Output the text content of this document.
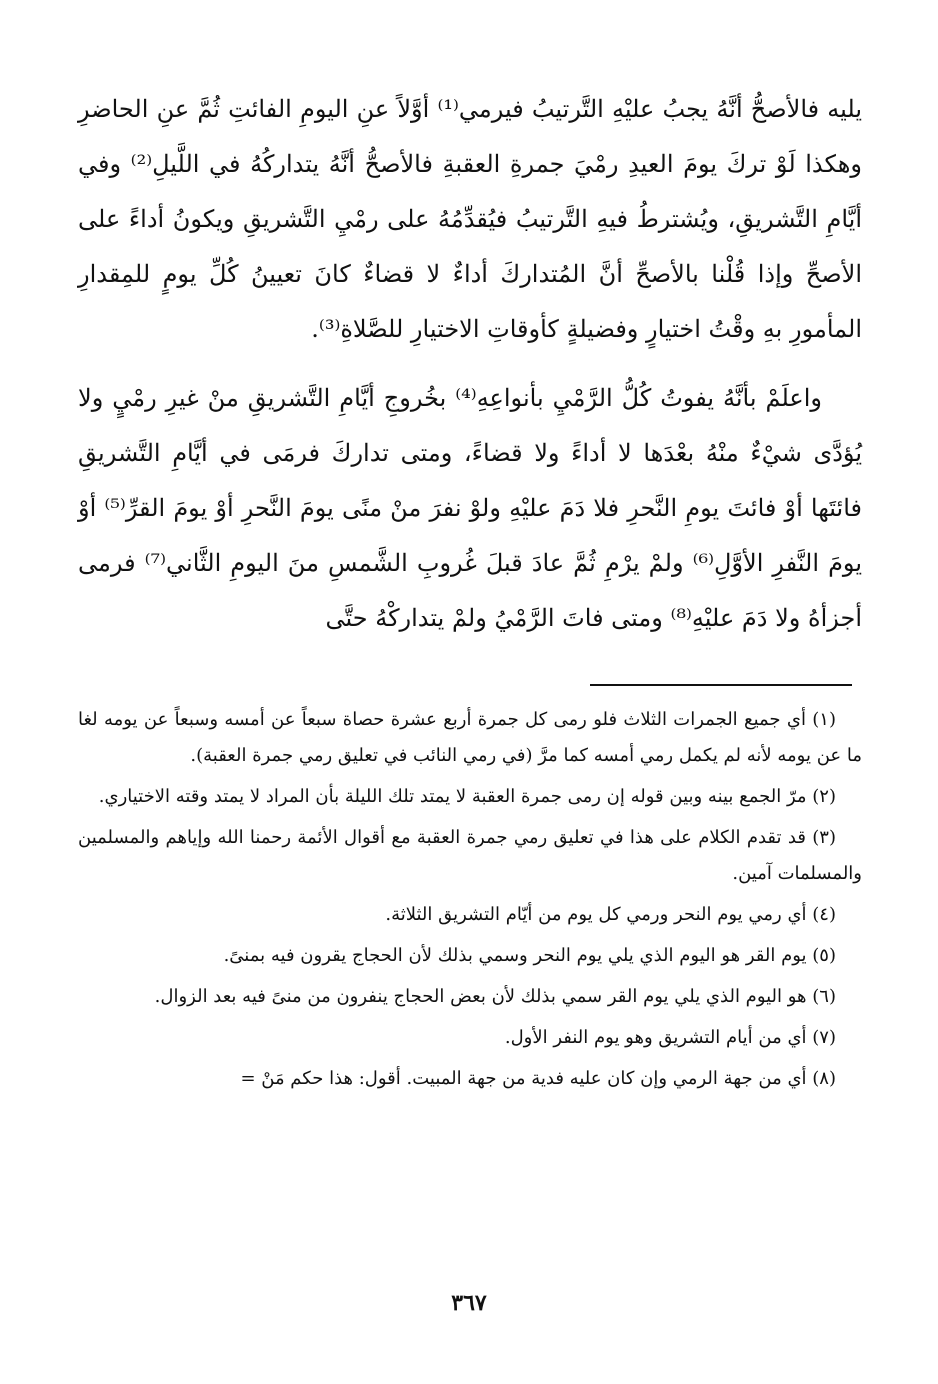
يليه فالأصحُّ أنَّهُ يجبُ عليْهِ التَّرتيبُ فيرمي⁽¹⁾ أوَّلاً عنِ اليومِ الفائتِ ثُمَّ عنِ الحاضرِ وهكذا لَوْ تركَ يومَ العيدِ رمْيَ جمرةِ العقبةِ فالأصحُّ أنَّهُ يتداركُهُ في اللَّيلِ⁽²⁾ وفي أيَّامِ التَّشريقِ، ويُشترطُ فيهِ التَّرتيبُ فيُقدِّمُهُ على رمْيِ التَّشريقِ ويكونُ أداءً على الأصحِّ وإذا قُلْنا بالأصحِّ أنَّ المُتداركَ أداءٌ لا قضاءٌ كانَ تعيينُ كُلِّ يومٍ للمِقدارِ المأمورِ بهِ وقْتُ اختيارٍ وفضيلةٍ كأوقاتِ الاختيارِ للصَّلاةِ⁽³⁾.

واعلَمْ بأنَّهُ يفوتُ كُلُّ الرَّمْيِ بأنواعِهِ⁽⁴⁾ بخُروجِ أيَّامِ التَّشريقِ منْ غيرِ رمْيٍ ولا يُؤدَّى شيْءٌ منْهُ بعْدَها لا أداءً ولا قضاءً، ومتى تداركَ فرمَى في أيَّامِ التَّشريقِ فائتَها أوْ فائتَ يومِ النَّحرِ فلا دَمَ عليْهِ ولوْ نفرَ منْ منًى يومَ النَّحرِ أوْ يومَ القرِّ⁽⁵⁾ أوْ يومَ النَّفرِ الأوَّلِ⁽⁶⁾ ولمْ يرْمِ ثُمَّ عادَ قبلَ غُروبِ الشَّمسِ منَ اليومِ الثَّاني⁽⁷⁾ فرمى أجزأهُ ولا دَمَ عليْهِ⁽⁸⁾ ومتى فاتَ الرَّمْيُ ولمْ يتداركْهُ حتَّى

(١) أي جميع الجمرات الثلاث فلو رمى كل جمرة أربع عشرة حصاة سبعاً عن أمسه وسبعاً عن يومه لغا ما عن يومه لأنه لم يكمل رمي أمسه كما مرَّ (في رمي النائب في تعليق رمي جمرة العقبة).

(٢) مرّ الجمع بينه وبين قوله إن رمى جمرة العقبة لا يمتد تلك الليلة بأن المراد لا يمتد وقته الاختياري.

(٣) قد تقدم الكلام على هذا في تعليق رمي جمرة العقبة مع أقوال الأئمة رحمنا الله وإياهم والمسلمين والمسلمات آمين.

(٤) أي رمي يوم النحر ورمي كل يوم من أيّام التشريق الثلاثة.

(٥) يوم القر هو اليوم الذي يلي يوم النحر وسمي بذلك لأن الحجاج يقرون فيه بمنىً.

(٦) هو اليوم الذي يلي يوم القر سمي بذلك لأن بعض الحجاج ينفرون من منىً فيه بعد الزوال.

(٧) أي من أيام التشريق وهو يوم النفر الأول.

(٨) أي من جهة الرمي وإن كان عليه فدية من جهة المبيت. أقول: هذا حكم مَنْ =

٣٦٧
